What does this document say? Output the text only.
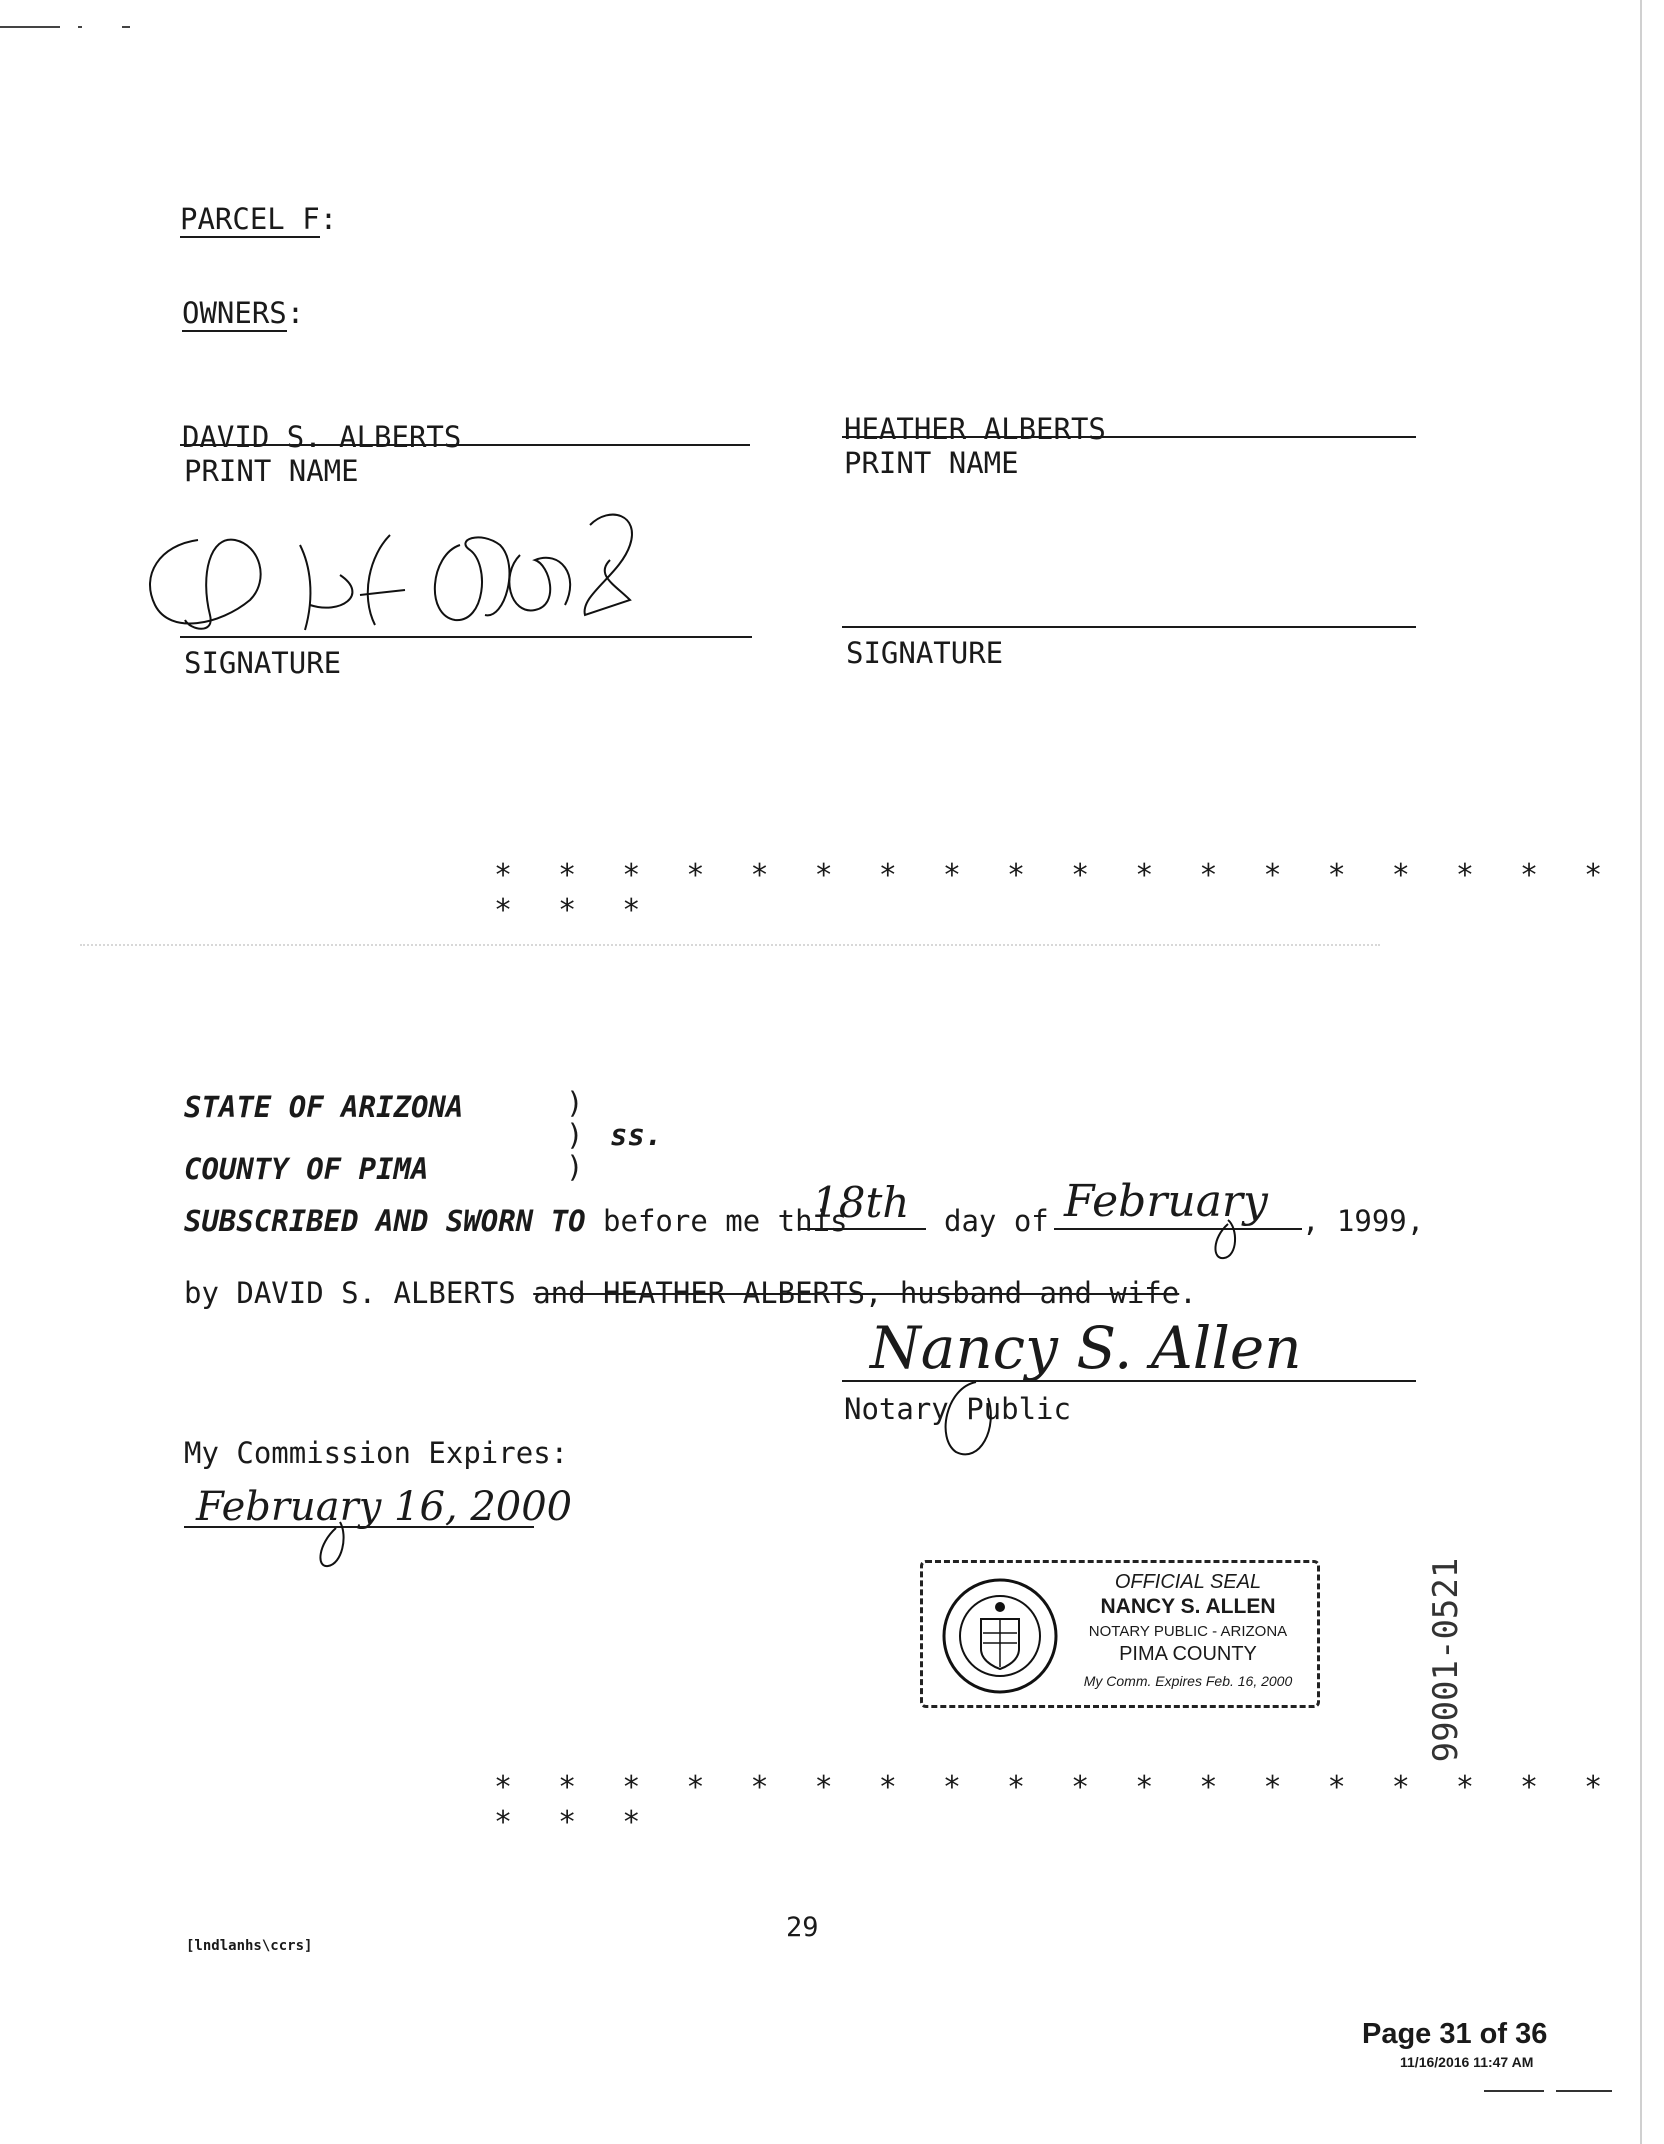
PARCEL F:
OWNERS:
DAVID S. ALBERTS
PRINT NAME
SIGNATURE
HEATHER ALBERTS
PRINT NAME
SIGNATURE
* * * * * * * * * * * * * * * * * * * * *
STATE OF ARIZONA
COUNTY OF PIMA
)
)
)
ss.
SUBSCRIBED AND SWORN TO before me this
18th day of February , 1999,
by DAVID S. ALBERTS and HEATHER ALBERTS, husband and wife.
Nancy S. Allen
Notary Public
My Commission Expires:
February 16, 2000
OFFICIAL SEAL
NANCY S. ALLEN
NOTARY PUBLIC - ARIZONA
PIMA COUNTY
My Comm. Expires Feb. 16, 2000
* * * * * * * * * * * * * * * * * * * * *
99001-0521
[lndlanhs\ccrs]
29
Page 31 of 36
11/16/2016 11:47 AM
